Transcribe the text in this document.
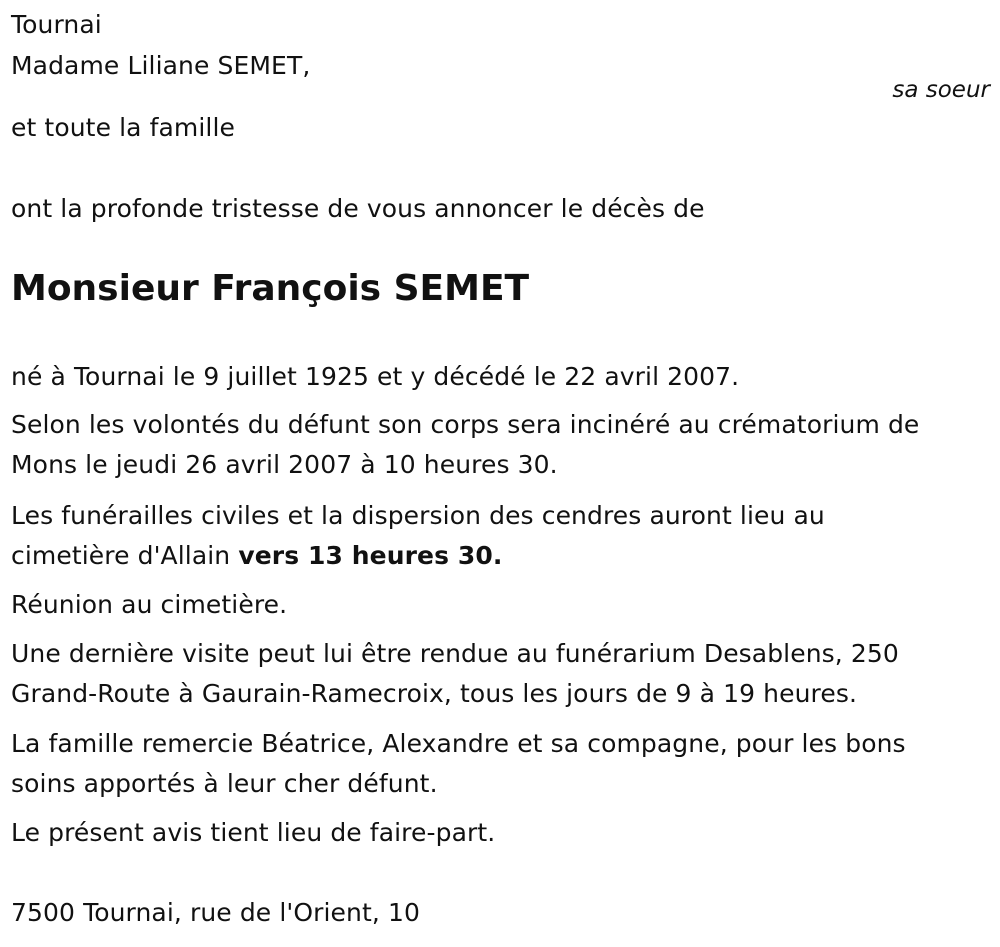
Tournai
Madame Liliane SEMET,
sa soeur
et toute la famille
ont la profonde tristesse de vous annoncer le décès de
Monsieur François SEMET
né à Tournai le 9 juillet 1925 et y décédé le 22 avril 2007.
Selon les volontés du défunt son corps sera incinéré au crématorium de
Mons le jeudi 26 avril 2007 à 10 heures 30.
Les funérailles civiles et la dispersion des cendres auront lieu au
cimetière d'Allain vers 13 heures 30.
Réunion au cimetière.
Une dernière visite peut lui être rendue au funérarium Desablens, 250
Grand-Route à Gaurain-Ramecroix, tous les jours de 9 à 19 heures.
La famille remercie Béatrice, Alexandre et sa compagne, pour les bons
soins apportés à leur cher défunt.
Le présent avis tient lieu de faire-part.
7500 Tournai, rue de l'Orient, 10
